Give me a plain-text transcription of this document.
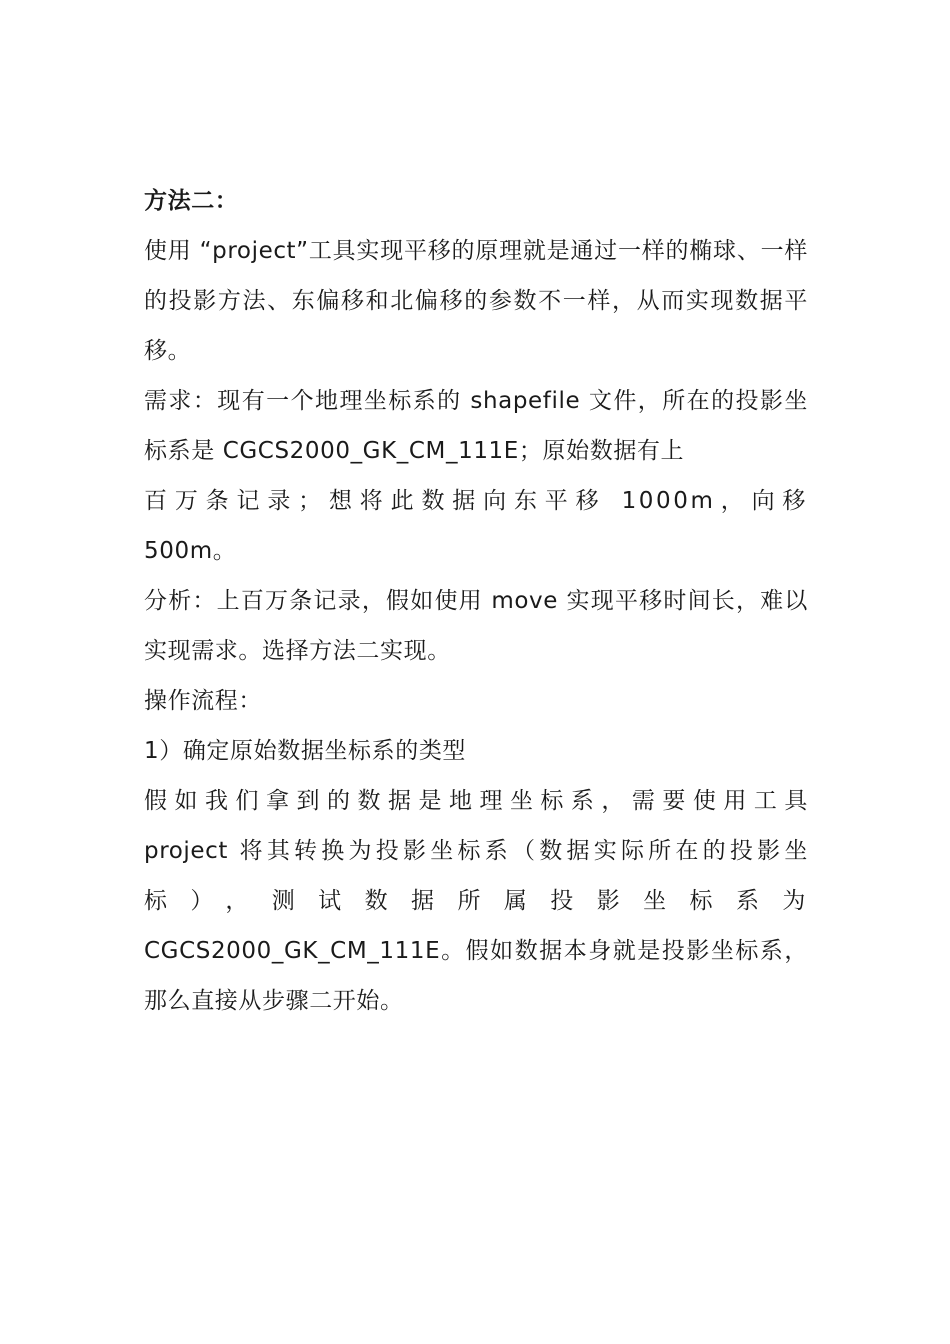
方法二：

使用 “project”工具实现平移的原理就是通过一样的椭球、一样的投影方法、东偏移和北偏移的参数不一样，从而实现数据平移。

需求：现有一个地理坐标系的 shapefile 文件，所在的投影坐标系是 CGCS2000_GK_CM_111E；原始数据有上

百万条记录；想将此数据向东平移 1000m，向移

500m。

分析：上百万条记录，假如使用 move 实现平移时间长，难以实现需求。选择方法二实现。

操作流程：

1）确定原始数据坐标系的类型

假如我们拿到的数据是地理坐标系，需要使用工具

project 将其转换为投影坐标系（数据实际所在的投影坐

标），测试数据所属投影坐标系为

CGCS2000_GK_CM_111E。假如数据本身就是投影坐标系，那么直接从步骤二开始。
